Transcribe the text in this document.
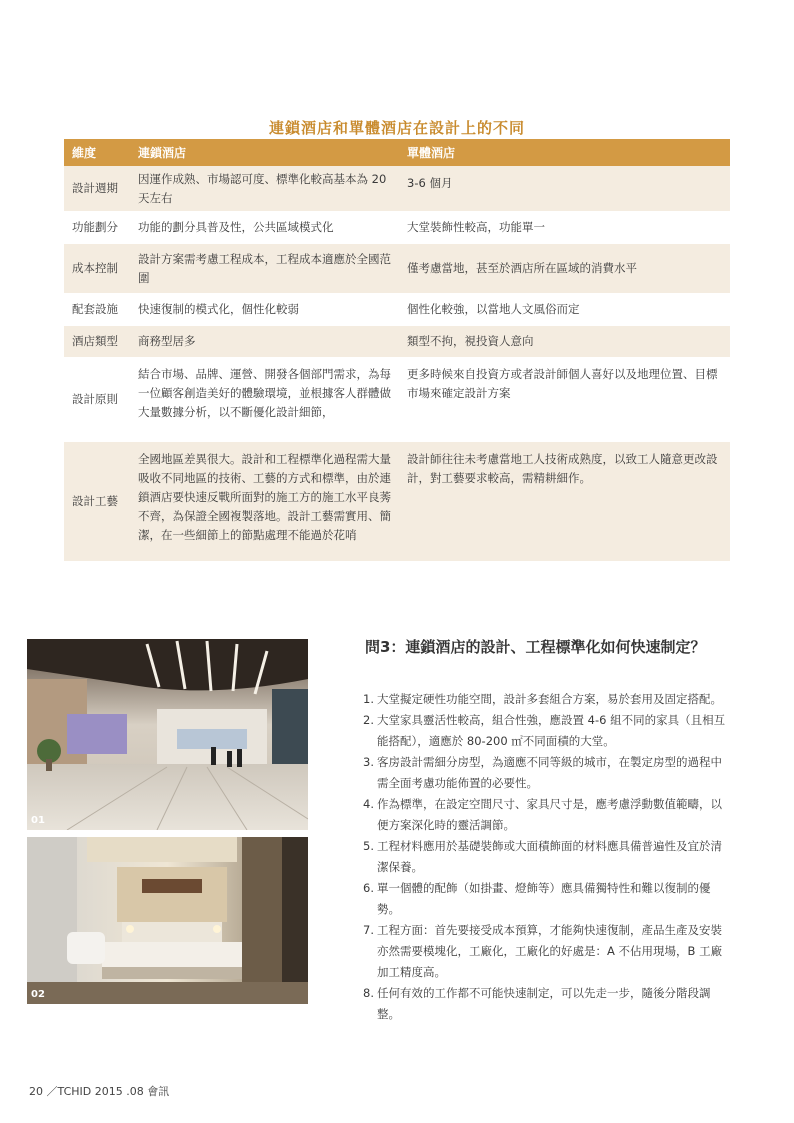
連鎖酒店和單體酒店在設計上的不同
維度	連鎖酒店	單體酒店
設計週期	因運作成熟、市場認可度、標準化較高基本為 20 天左右	3-6 個月
功能劃分	功能的劃分具普及性，公共區域模式化	大堂裝飾性較高，功能單一
成本控制	設計方案需考慮工程成本，工程成本適應於全國范圍	僅考慮當地，甚至於酒店所在區域的消費水平
配套設施	快速復制的模式化，個性化較弱	個性化較強，以當地人文風俗而定
酒店類型	商務型居多	類型不拘，視投資人意向
設計原則	結合市場、品牌、運營、開發各個部門需求，為每一位顧客創造美好的體驗環境，並根據客人群體做大量數據分析，以不斷優化設計細節，	更多時候來自投資方或者設計師個人喜好以及地理位置、目標市場來確定設計方案
設計工藝	全國地區差異很大。設計和工程標準化過程需大量吸收不同地區的技術、工藝的方式和標準，由於連鎖酒店要快速反戰所面對的施工方的施工水平良莠不齊，為保證全國複製落地。設計工藝需實用、簡潔，在一些細節上的節點處理不能過於花哨	設計師往往未考慮當地工人技術成熟度，以致工人隨意更改設計，對工藝要求較高，需精耕細作。
01
02
問3：連鎖酒店的設計、工程標準化如何快速制定？
1. 大堂擬定硬性功能空間，設計多套組合方案，易於套用及固定搭配。
2. 大堂家具靈活性較高，組合性強，應設置 4-6 組不同的家具（且相互能搭配），適應於 80-200 ㎡不同面積的大堂。
3. 客房設計需細分房型，為適應不同等級的城市，在製定房型的過程中需全面考慮功能佈置的必要性。
4. 作為標準，在設定空間尺寸、家具尺寸是，應考慮浮動數值範疇，以便方案深化時的靈活調節。
5. 工程材料應用於基礎裝飾或大面積飾面的材料應具備普遍性及宜於清潔保養。
6. 單一個體的配飾（如掛畫、燈飾等）應具備獨特性和難以復制的優勢。
7. 工程方面：首先要接受成本預算，才能夠快速復制，產品生產及安裝亦然需要模塊化，工廠化，工廠化的好處是：A 不佔用現場，B 工廠加工精度高。
8. 任何有效的工作都不可能快速制定，可以先走一步，隨後分階段調整。
20 ／TCHID 2015 .08 會訊
